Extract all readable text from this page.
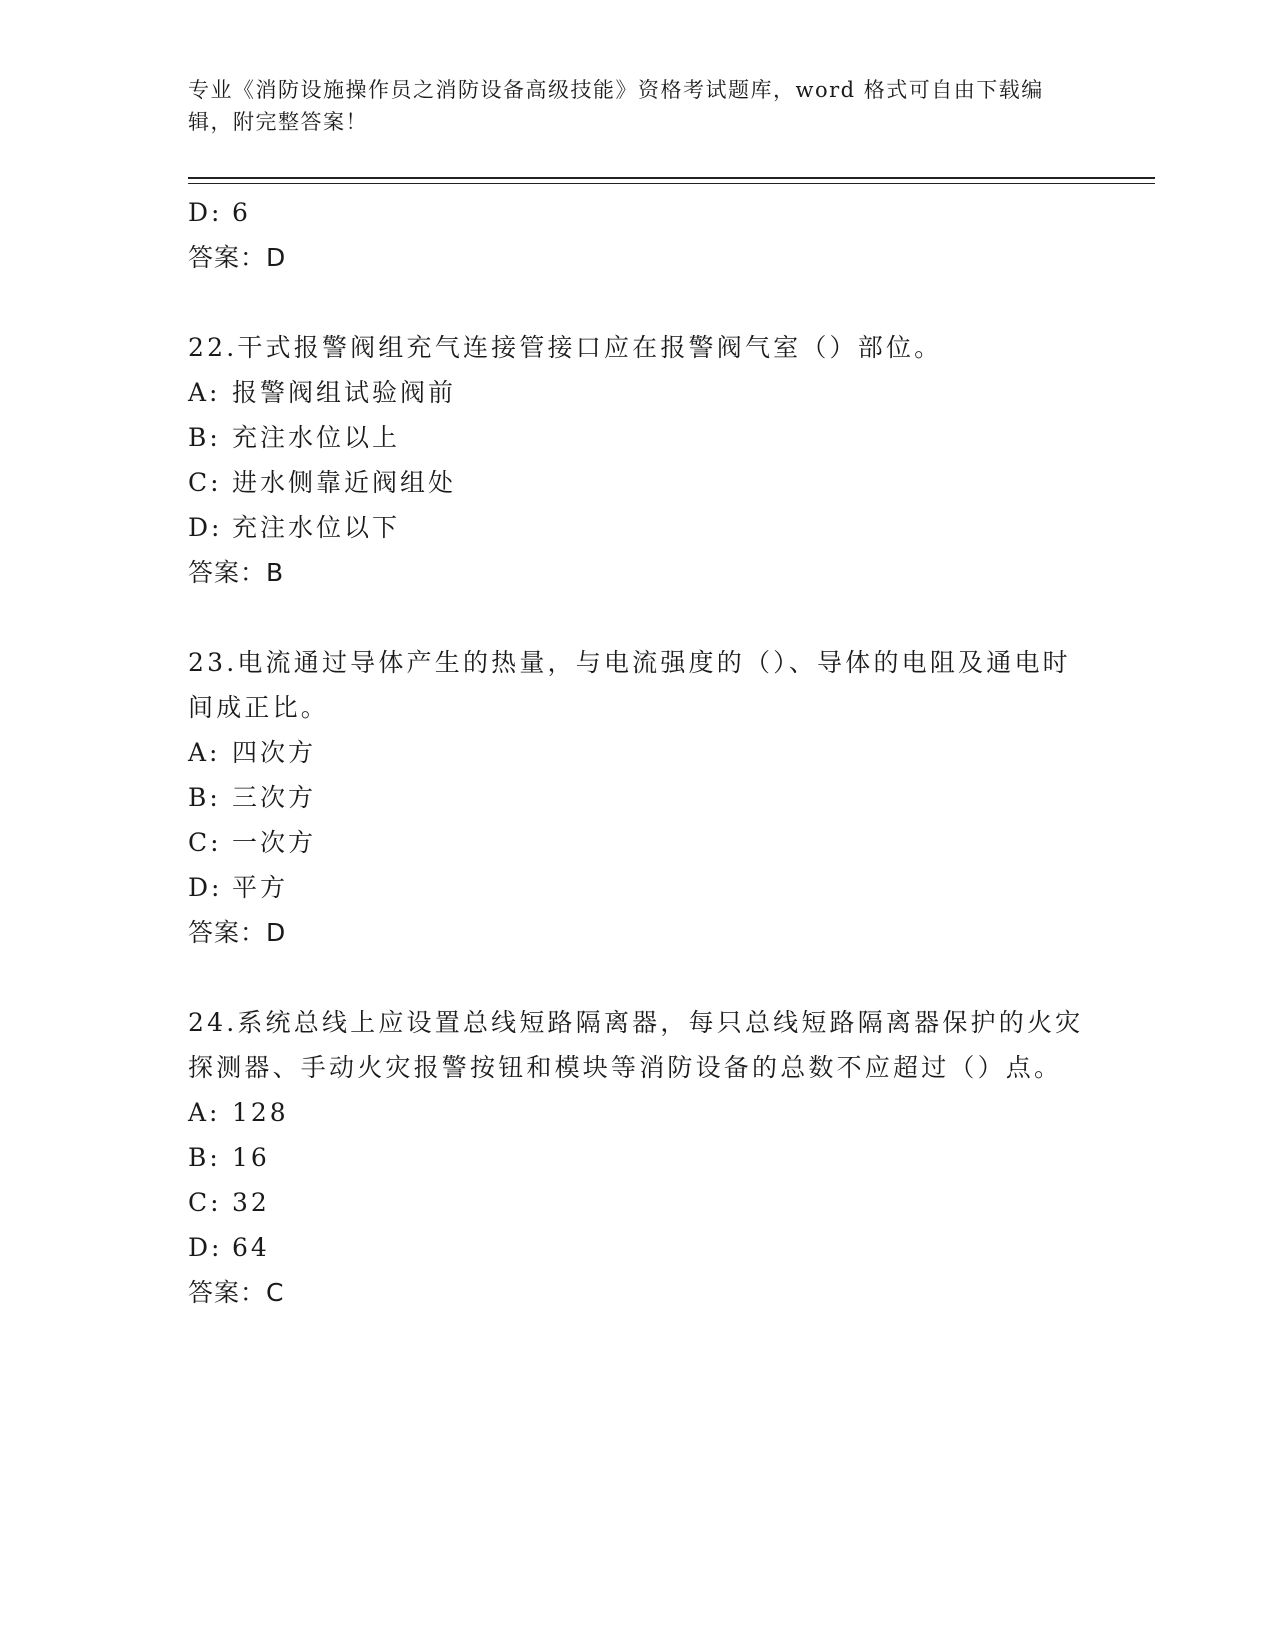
专业《消防设施操作员之消防设备高级技能》资格考试题库，word 格式可自由下载编辑，附完整答案！
D: 6
答案：D
22.干式报警阀组充气连接管接口应在报警阀气室（）部位。
A: 报警阀组试验阀前
B: 充注水位以上
C: 进水侧靠近阀组处
D: 充注水位以下
答案：B
23.电流通过导体产生的热量，与电流强度的（）、导体的电阻及通电时间成正比。
A: 四次方
B: 三次方
C: 一次方
D: 平方
答案：D
24.系统总线上应设置总线短路隔离器，每只总线短路隔离器保护的火灾探测器、手动火灾报警按钮和模块等消防设备的总数不应超过（）点。
A: 128
B: 16
C: 32
D: 64
答案：C
